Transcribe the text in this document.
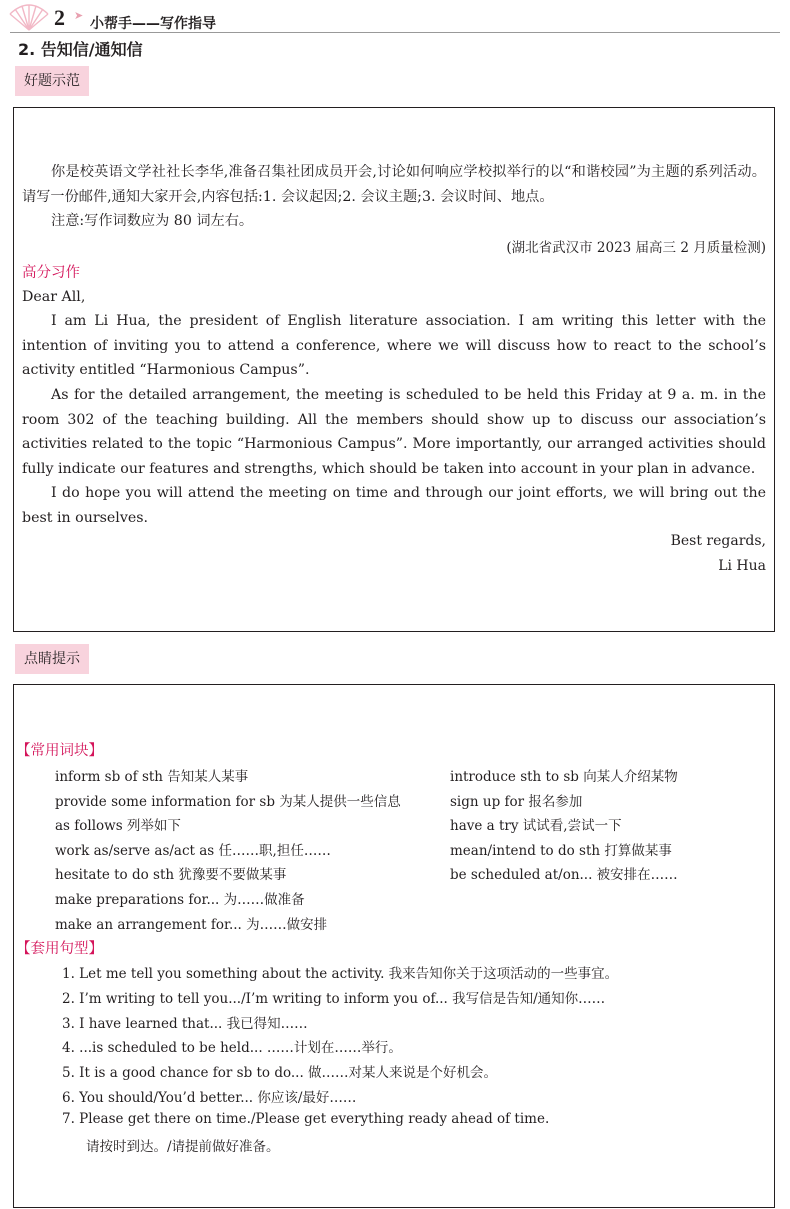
2 ➤
小帮手——写作指导
2. 告知信/通知信
好题示范
你是校英语文学社社长李华,准备召集社团成员开会,讨论如何响应学校拟举行的以“和谐校园”为主题的系列活动。请写一份邮件,通知大家开会,内容包括:1. 会议起因;2. 会议主题;3. 会议时间、地点。
注意:写作词数应为 80 词左右。
(湖北省武汉市 2023 届高三 2 月质量检测)
高分习作
Dear All,
I am Li Hua, the president of English literature association. I am writing this letter with the intention of inviting you to attend a conference, where we will discuss how to react to the school’s activity entitled “Harmonious Campus”.
As for the detailed arrangement, the meeting is scheduled to be held this Friday at 9 a. m. in the room 302 of the teaching building. All the members should show up to discuss our association’s activities related to the topic “Harmonious Campus”. More importantly, our arranged activities should fully indicate our features and strengths, which should be taken into account in your plan in advance.
I do hope you will attend the meeting on time and through our joint efforts, we will bring out the best in ourselves.
Best regards,
Li Hua
点睛提示
【常用词块】
inform sb of sth 告知某人某事
provide some information for sb 为某人提供一些信息
as follows 列举如下
work as/serve as/act as 任……职,担任……
hesitate to do sth 犹豫要不要做某事
make preparations for... 为……做准备
make an arrangement for... 为……做安排
introduce sth to sb 向某人介绍某物
sign up for 报名参加
have a try 试试看,尝试一下
mean/intend to do sth 打算做某事
be scheduled at/on... 被安排在……
【套用句型】
1. Let me tell you something about the activity. 我来告知你关于这项活动的一些事宜。
2. I’m writing to tell you.../I’m writing to inform you of... 我写信是告知/通知你……
3. I have learned that... 我已得知……
4. ...is scheduled to be held... ……计划在……举行。
5. It is a good chance for sb to do... 做……对某人来说是个好机会。
6. You should/You’d better... 你应该/最好……
7. Please get there on time./Please get everything ready ahead of time.
请按时到达。/请提前做好准备。
